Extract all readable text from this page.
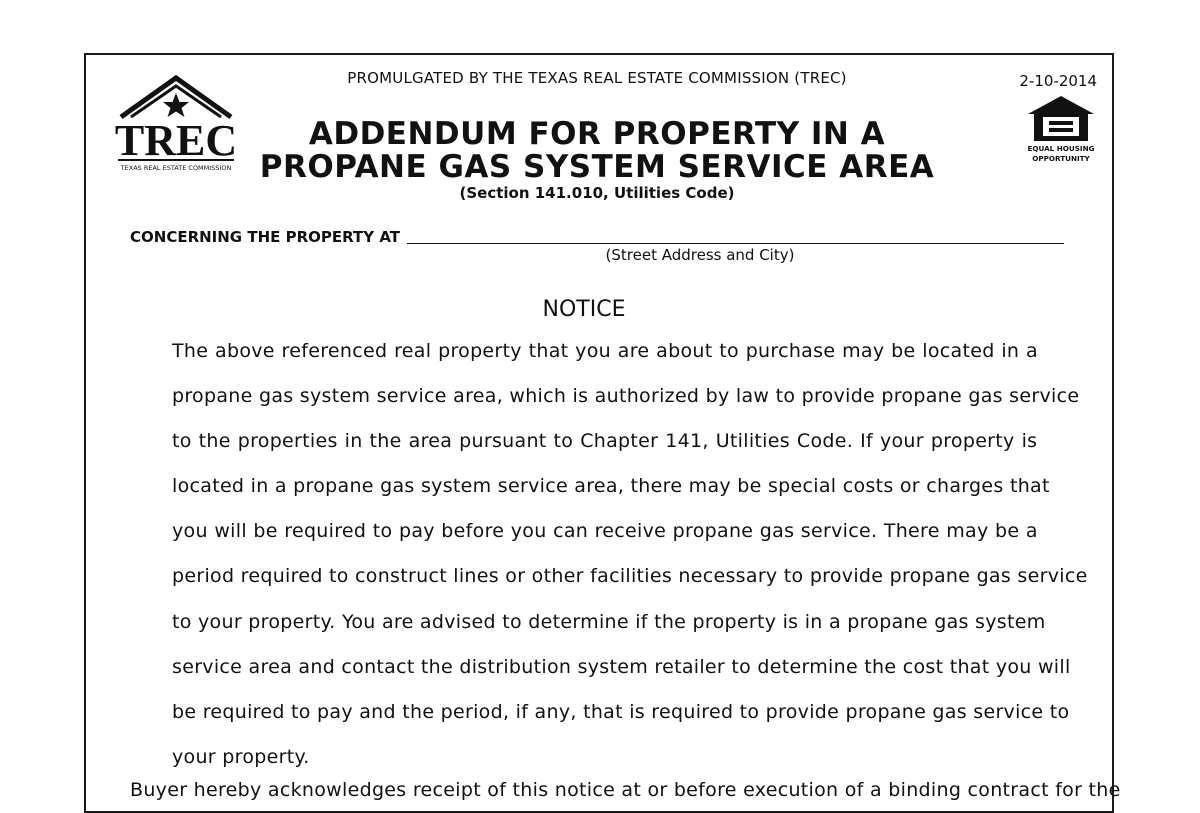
TREC
TEXAS REAL ESTATE COMMISSION
EQUAL HOUSING
OPPORTUNITY
PROMULGATED BY THE TEXAS REAL ESTATE COMMISSION (TREC)	2-10-2014
ADDENDUM FOR PROPERTY IN A
PROPANE GAS SYSTEM SERVICE AREA
(Section 141.010, Utilities Code)
CONCERNING THE PROPERTY AT
(Street Address and City)
NOTICE
The above referenced real property that you are about to purchase may be located in a
propane gas system service area, which is authorized by law to provide propane gas service
to the properties in the area pursuant to Chapter 141, Utilities Code. If your property is
located in a propane gas system service area, there may be special costs or charges that
you will be required to pay before you can receive propane gas service. There may be a
period required to construct lines or other facilities necessary to provide propane gas service
to your property. You are advised to determine if the property is in a propane gas system
service area and contact the distribution system retailer to determine the cost that you will
be required to pay and the period, if any, that is required to provide propane gas service to
your property.
Buyer hereby acknowledges receipt of this notice at or before execution of a binding contract for the
